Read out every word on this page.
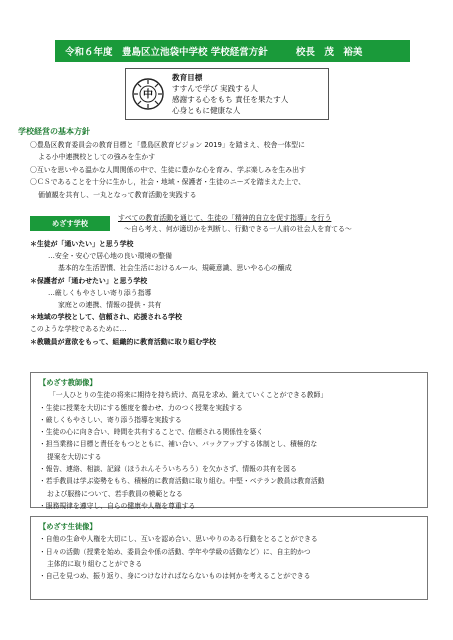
令和６年度　豊島区立池袋中学校 学校経営方針	校長　茂　裕美
中
教育目標
すすんで学び 実践する人
感謝する心をもち 責任を果たす人
心身ともに健康な人
学校経営の基本方針
〇豊島区教育委員会の教育目標と「豊島区教育ビジョン 2019」を踏まえ、校舎一体型に
よる小中連携校としての強みを生かす
〇互いを思いやる温かな人間関係の中で、生徒に豊かな心を育み、学ぶ楽しみを生み出す
〇ＣＳであることを十分に生かし，社会・地域・保護者・生徒のニーズを踏まえた上で、
価値観を共有し、一丸となって教育活動を実践する
めざす学校
すべての教育活動を通じて、生徒の「精神的自立を促す指導」を行う
～自ら考え、何が適切かを判断し、行動できる一人前の社会人を育てる～
＊生徒が「通いたい」と思う学校
…安全・安心で居心地の良い環境の整備
基本的な生活習慣、社会生活におけるルール、規範意識、思いやる心の醸成
＊保護者が「通わせたい」と思う学校
…厳しくもやさしい寄り添う指導
家庭との連携、情報の提供・共有
＊地域の学校として、信頼され、応援される学校
このような学校であるために…
＊教職員が意欲をもって、組織的に教育活動に取り組む学校
【めざす教師像】
「一人ひとりの生徒の将来に期待を持ち続け、高見を求め、鍛えていくことができる教師」
・生徒に授業を大切にする態度を養わせ、力のつく授業を実践する
・厳しくもやさしい、寄り添う指導を実践する
・生徒の心に向き合い、時間を共有することで、信頼される関係性を築く
・担当業務に目標と責任をもつとともに、補い合い、バックアップする体制とし、積極的な
提案を大切にする
・報告、連絡、相談、記録（ほうれんそういちろう）を欠かさず、情報の共有を図る
・若手教員は学ぶ姿勢をもち、積極的に教育活動に取り組む。中堅・ベテラン教員は教育活動
および服務について、若手教員の模範となる
・服務規律を遵守し、自らの健康や人権を尊重する
【めざす生徒像】
・自他の生命や人権を大切にし、互いを認め合い、思いやりのある行動をとることができる
・日々の活動（授業を始め、委員会や係の活動、学年や学級の活動など）に、自主的かつ
主体的に取り組むことができる
・自己を見つめ、振り返り、身につけなければならないものは何かを考えることができる
